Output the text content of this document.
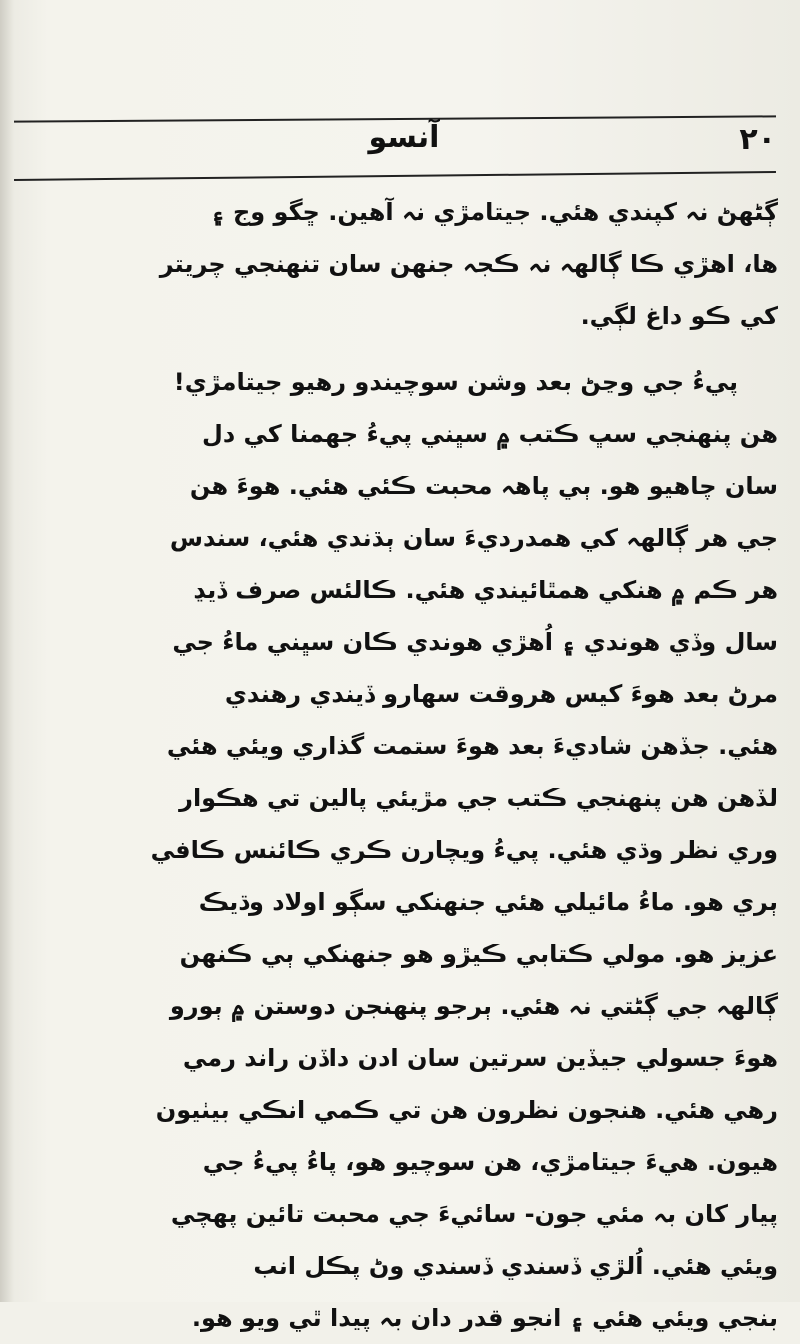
آنسو	٢٠
ڳڻهڻ نہ کپندي هئي. جيتامڙي نہ آهين. ڇگو وج ۽
ها، اهڙي ڪا ڳالهہ نہ ڪجہ جنهن سان تنهنجي چريتر
کي ڪو داغ لڳي.
پيءُ جي وڃڻ بعد وشن سوچيندو رهيو جيتامڙي!
هن پنهنجي سڀ ڪتب ۾ سڀني پيءُ جهمنا کي دل
سان چاهيو هو. ٻي پاهہ محبت ڪئي هئي. هوءَ هن
جي هر ڳالهہ کي همدرديءَ سان ٻڌندي هئي، سندس
هر ڪم ۾ هنکي همٿائيندي هئي. ڪالئس صرف ڏيڍ
سال وڏي هوندي ۽ اُهڙي هوندي ڪان سڀني ماءُ جي
مرڻ بعد هوءَ کيس هروقت سهارو ڏيندي رهندي
هئي. جڏهن شاديءَ بعد هوءَ ستمت گذاري ويئي هئي
لڏهن هن پنهنجي ڪتب جي مڙيئي پالين تي هڪوار
وري نظر وڌي هئي. پيءُ ويچارن ڪري ڪائنس ڪافي
ٻري هو. ماءُ مائيلي هئي جنهنکي سڳو اولاد وڌيڪ
عزيز هو. مولي ڪتابي ڪيڙو هو جنهنکي ٻي ڪنهن
ڳالهہ جي ڳڻتي نہ هئي. ٻرجو پنهنجن دوستن ۾ ٻورو
هوءَ جسولي جيڏين سرتين سان ادن داڏن راند رمي
رهي هئي. هنجون نظرون هن تي ڪمي انڪي بيٺيون
هيون. هيءَ جيتامڙي، هن سوچيو هو، پاءُ پيءُ جي
پيار کان بہ مئي جون- سائيءَ جي محبت تائين پهچي
ويئي هئي. اُلڙي ڏسندي ڏسندي وڻ پڪل انب
بنجي ويئي هئي ۽ انجو قدر دان بہ پيدا ٿي ويو هو.
